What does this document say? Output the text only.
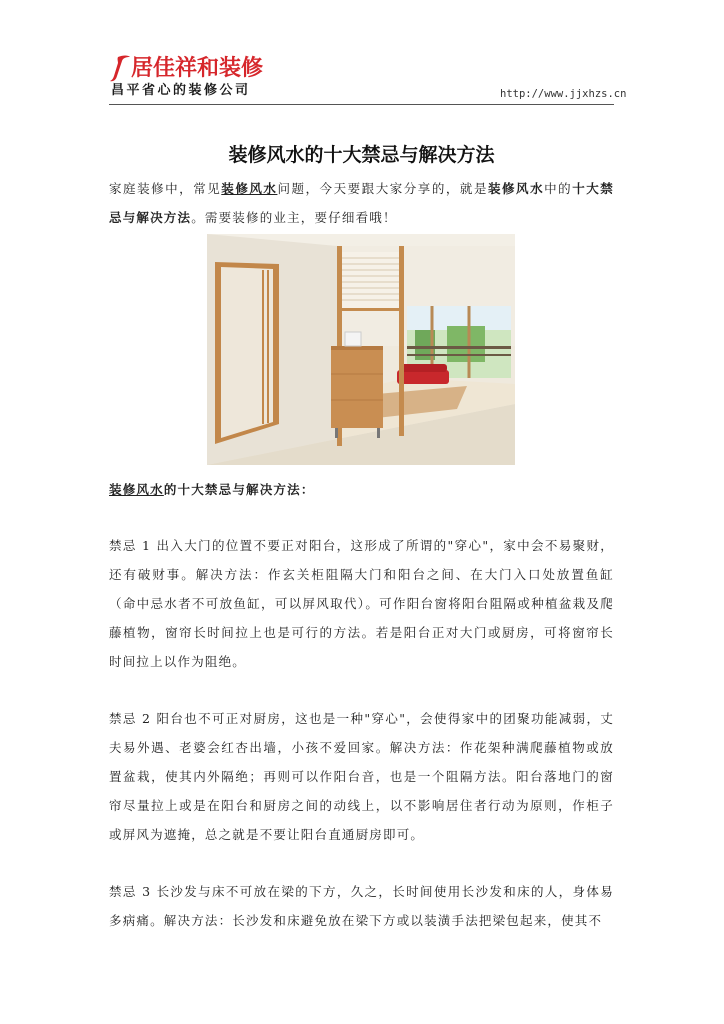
居佳祥和装修
昌平省心的装修公司	http://www.jjxhzs.cn
装修风水的十大禁忌与解决方法
家庭装修中，常见装修风水问题，今天要跟大家分享的，就是装修风水中的十大禁忌与解决方法。需要装修的业主，要仔细看哦！
装修风水的十大禁忌与解决方法：
禁忌 1 出入大门的位置不要正对阳台，这形成了所谓的"穿心"，家中会不易聚财，还有破财事。解决方法：作玄关柜阻隔大门和阳台之间、在大门入口处放置鱼缸（命中忌水者不可放鱼缸，可以屏风取代）。可作阳台窗将阳台阻隔或种植盆栽及爬藤植物，窗帘长时间拉上也是可行的方法。若是阳台正对大门或厨房，可将窗帘长时间拉上以作为阻绝。
禁忌 2 阳台也不可正对厨房，这也是一种"穿心"，会使得家中的团聚功能减弱，丈夫易外遇、老婆会红杏出墙，小孩不爱回家。解决方法：作花架种满爬藤植物或放置盆栽，使其内外隔绝；再则可以作阳台音，也是一个阻隔方法。阳台落地门的窗帘尽量拉上或是在阳台和厨房之间的动线上，以不影响居住者行动为原则，作柜子或屏风为遮掩，总之就是不要让阳台直通厨房即可。
禁忌 3 长沙发与床不可放在梁的下方，久之，长时间使用长沙发和床的人，身体易多病痛。解决方法：长沙发和床避免放在梁下方或以装潢手法把梁包起来，使其不
